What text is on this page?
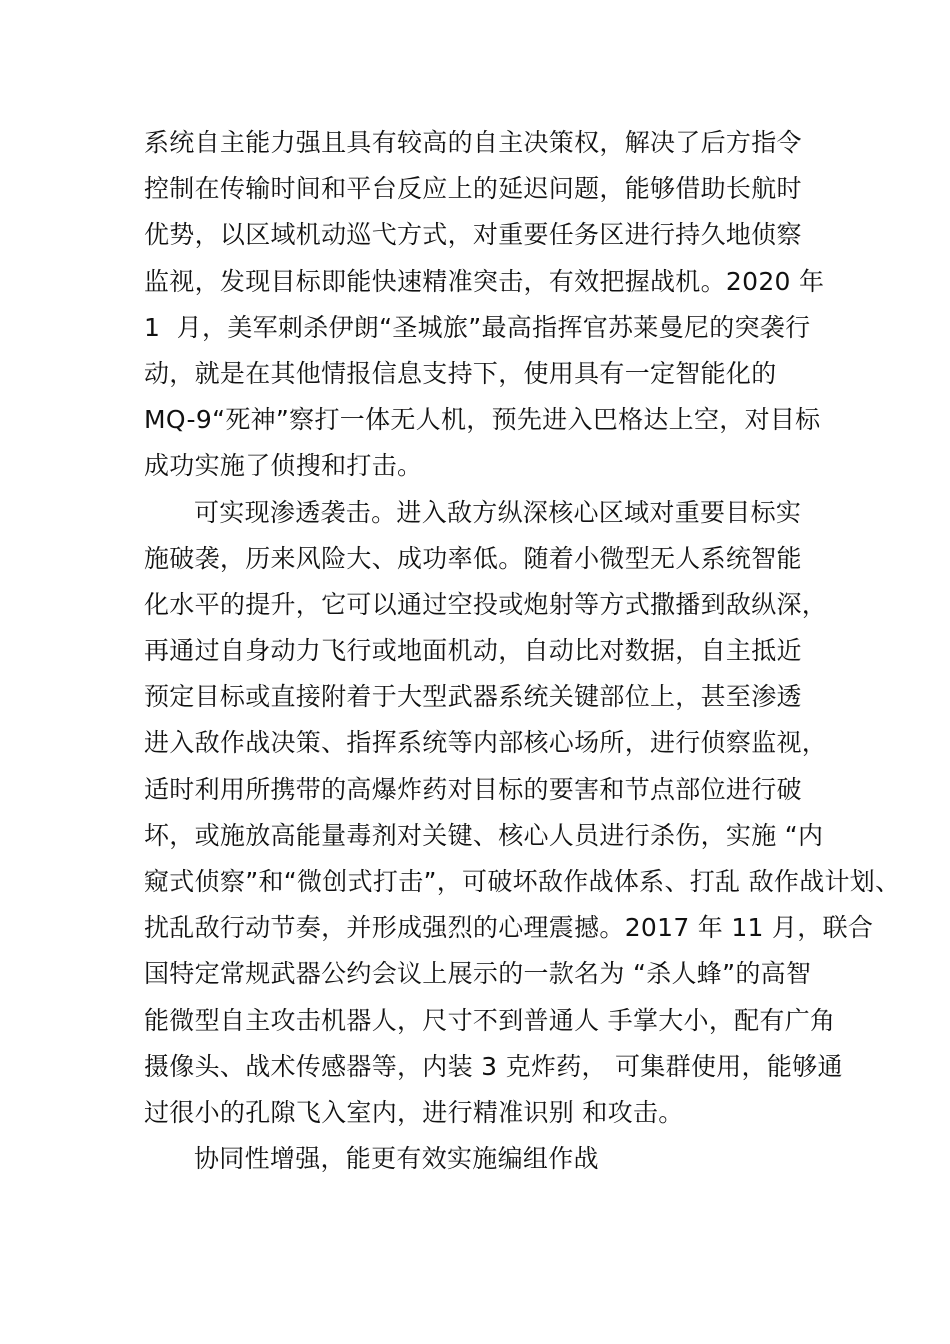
系统自主能力强且具有较高的自主决策权，解决了后方指令
控制在传输时间和平台反应上的延迟问题，能够借助长航时
优势，以区域机动巡弋方式，对重要任务区进行持久地侦察
监视，发现目标即能快速精准突击，有效把握战机。2020 年
1  月，美军刺杀伊朗“圣城旅”最高指挥官苏莱曼尼的突袭行
动，就是在其他情报信息支持下，使用具有一定智能化的
MQ-9“死神”察打一体无人机，预先进入巴格达上空，对目标
成功实施了侦搜和打击。
可实现渗透袭击。进入敌方纵深核心区域对重要目标实
施破袭，历来风险大、成功率低。随着小微型无人系统智能
化水平的提升，它可以通过空投或炮射等方式撒播到敌纵深，
再通过自身动力飞行或地面机动，自动比对数据，自主抵近
预定目标或直接附着于大型武器系统关键部位上，甚至渗透
进入敌作战决策、指挥系统等内部核心场所，进行侦察监视，
适时利用所携带的高爆炸药对目标的要害和节点部位进行破
坏，或施放高能量毒剂对关键、核心人员进行杀伤，实施 “内
窥式侦察”和“微创式打击”，可破坏敌作战体系、打乱 敌作战计划、
扰乱敌行动节奏，并形成强烈的心理震撼。2017 年 11 月，联合
国特定常规武器公约会议上展示的一款名为 “杀人蜂”的高智
能微型自主攻击机器人，尺寸不到普通人 手掌大小，配有广角
摄像头、战术传感器等，内装 3 克炸药， 可集群使用，能够通
过很小的孔隙飞入室内，进行精准识别 和攻击。
协同性增强，能更有效实施编组作战
